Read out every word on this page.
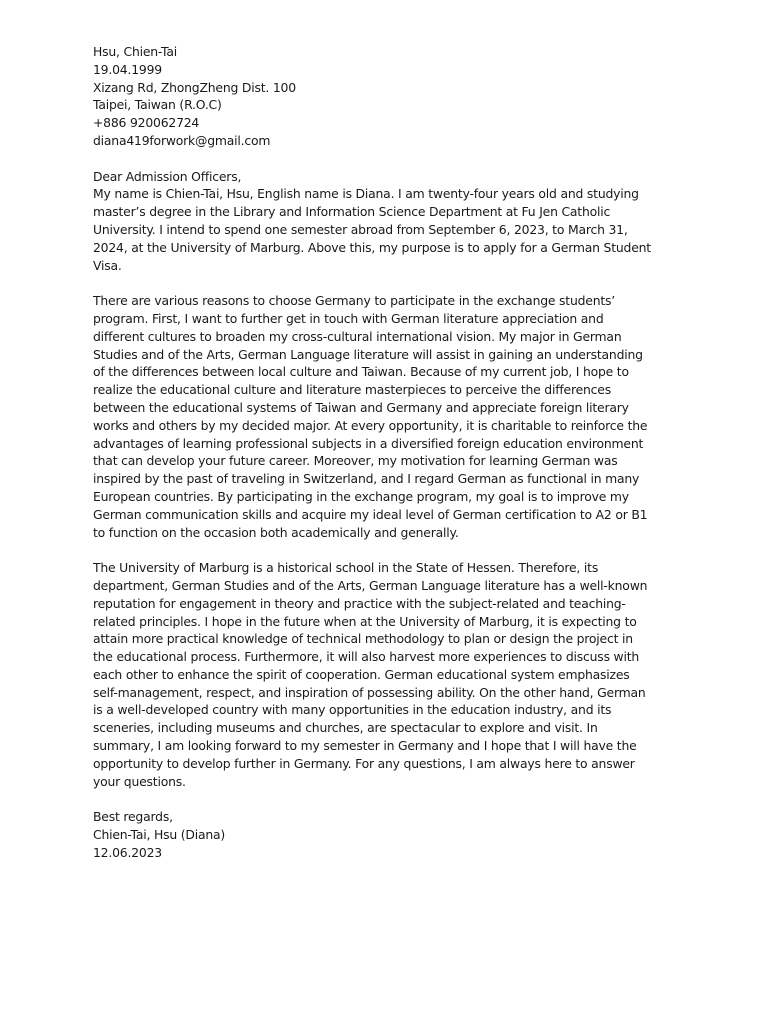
Hsu, Chien-Tai
19.04.1999
Xizang Rd, ZhongZheng Dist. 100
Taipei, Taiwan (R.O.C)
+886 920062724
diana419forwork@gmail.com
Dear Admission Officers,
My name is Chien-Tai, Hsu, English name is Diana. I am twenty-four years old and studying
master’s degree in the Library and Information Science Department at Fu Jen Catholic
University. I intend to spend one semester abroad from September 6, 2023, to March 31,
2024, at the University of Marburg. Above this, my purpose is to apply for a German Student
Visa.
There are various reasons to choose Germany to participate in the exchange students’
program. First, I want to further get in touch with German literature appreciation and
different cultures to broaden my cross-cultural international vision. My major in German
Studies and of the Arts, German Language literature will assist in gaining an understanding
of the differences between local culture and Taiwan. Because of my current job, I hope to
realize the educational culture and literature masterpieces to perceive the differences
between the educational systems of Taiwan and Germany and appreciate foreign literary
works and others by my decided major. At every opportunity, it is charitable to reinforce the
advantages of learning professional subjects in a diversified foreign education environment
that can develop your future career. Moreover, my motivation for learning German was
inspired by the past of traveling in Switzerland, and I regard German as functional in many
European countries. By participating in the exchange program, my goal is to improve my
German communication skills and acquire my ideal level of German certification to A2 or B1
to function on the occasion both academically and generally.
The University of Marburg is a historical school in the State of Hessen. Therefore, its
department, German Studies and of the Arts, German Language literature has a well-known
reputation for engagement in theory and practice with the subject-related and teaching-
related principles. I hope in the future when at the University of Marburg, it is expecting to
attain more practical knowledge of technical methodology to plan or design the project in
the educational process. Furthermore, it will also harvest more experiences to discuss with
each other to enhance the spirit of cooperation. German educational system emphasizes
self-management, respect, and inspiration of possessing ability. On the other hand, German
is a well-developed country with many opportunities in the education industry, and its
sceneries, including museums and churches, are spectacular to explore and visit. In
summary, I am looking forward to my semester in Germany and I hope that I will have the
opportunity to develop further in Germany. For any questions, I am always here to answer
your questions.
Best regards,
Chien-Tai, Hsu (Diana)
12.06.2023
